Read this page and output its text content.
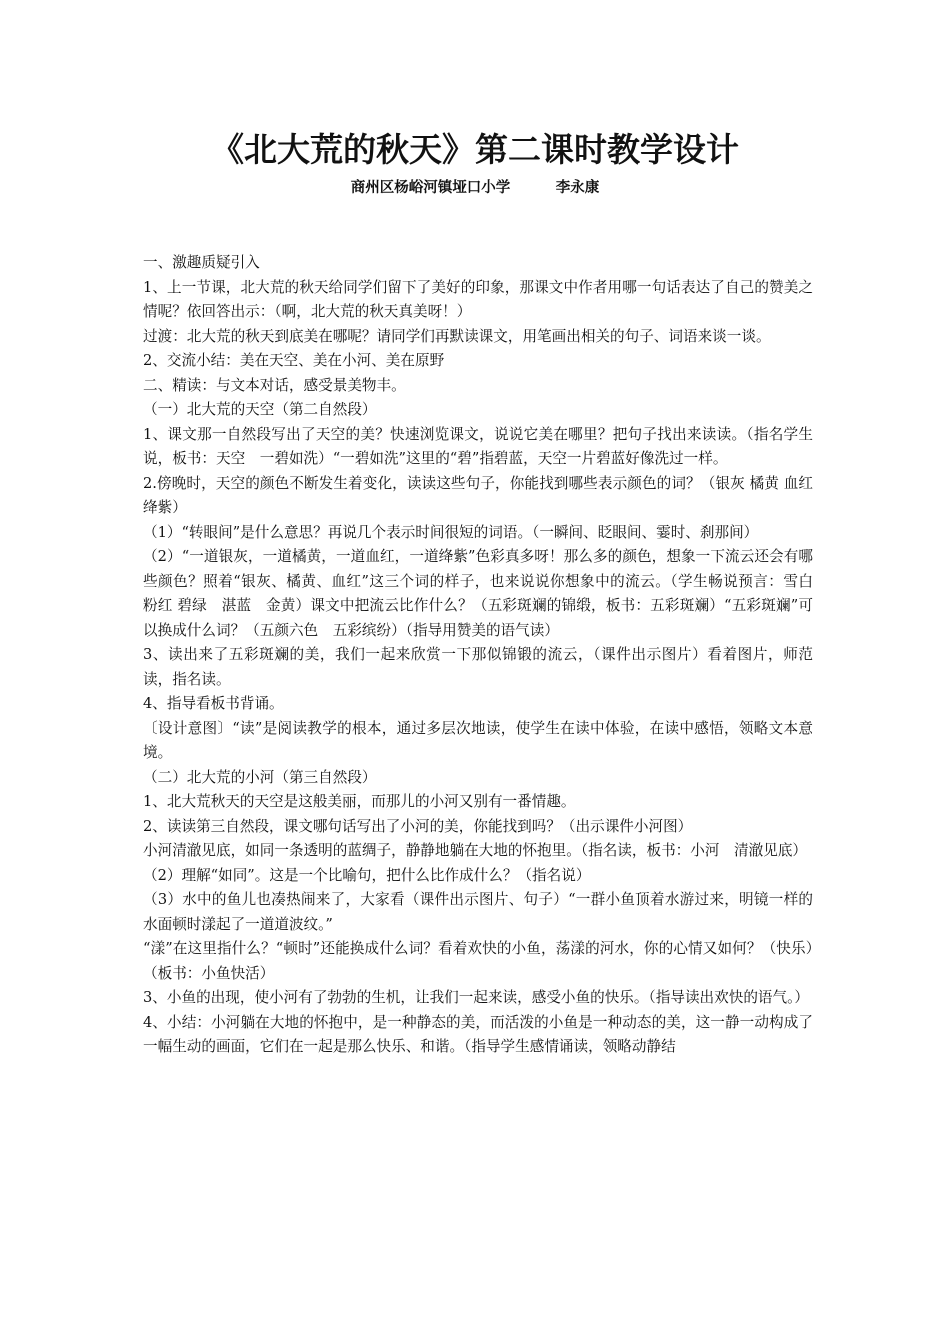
《北大荒的秋天》第二课时教学设计
商州区杨峪河镇垭口小学         李永康

一、激趣质疑引入

1、上一节课，北大荒的秋天给同学们留下了美好的印象，那课文中作者用哪一句话表达了自己的赞美之情呢？依回答出示：（啊，北大荒的秋天真美呀！）

过渡：北大荒的秋天到底美在哪呢？请同学们再默读课文，用笔画出相关的句子、词语来谈一谈。

2、交流小结：美在天空、美在小河、美在原野

二、精读：与文本对话，感受景美物丰。

（一）北大荒的天空（第二自然段）

1、课文那一自然段写出了天空的美？快速浏览课文，说说它美在哪里？把句子找出来读读。（指名学生说，板书：天空　一碧如洗）“一碧如洗”这里的“碧”指碧蓝，天空一片碧蓝好像洗过一样。

2.傍晚时，天空的颜色不断发生着变化，读读这些句子，你能找到哪些表示颜色的词？（银灰 橘黄 血红 绛紫）

（1）“转眼间”是什么意思？再说几个表示时间很短的词语。（一瞬间、眨眼间、霎时、刹那间）

（2）“一道银灰，一道橘黄，一道血红，一道绛紫”色彩真多呀！那么多的颜色，想象一下流云还会有哪些颜色？照着“银灰、橘黄、血红”这三个词的样子，也来说说你想象中的流云。（学生畅说预言：雪白　粉红 碧绿　湛蓝　金黄）课文中把流云比作什么？（五彩斑斓的锦缎，板书：五彩斑斓）“五彩斑斓”可以换成什么词？（五颜六色　五彩缤纷）（指导用赞美的语气读）

3、读出来了五彩斑斓的美，我们一起来欣赏一下那似锦锻的流云，（课件出示图片）看着图片，师范读，指名读。

4、指导看板书背诵。

〔设计意图〕“读”是阅读教学的根本，通过多层次地读，使学生在读中体验，在读中感悟，领略文本意境。

（二）北大荒的小河（第三自然段）

1、北大荒秋天的天空是这般美丽，而那儿的小河又别有一番情趣。

2、读读第三自然段，课文哪句话写出了小河的美，你能找到吗？（出示课件小河图）

小河清澈见底，如同一条透明的蓝绸子，静静地躺在大地的怀抱里。（指名读，板书：小河　清澈见底）

（2）理解“如同”。这是一个比喻句，把什么比作成什么？（指名说）

（3）水中的鱼儿也凑热闹来了，大家看（课件出示图片、句子）“一群小鱼顶着水游过来，明镜一样的水面顿时漾起了一道道波纹。”

“漾”在这里指什么？“顿时”还能换成什么词？看着欢快的小鱼，荡漾的河水，你的心情又如何？（快乐）（板书：小鱼快活）

3、小鱼的出现，使小河有了勃勃的生机，让我们一起来读，感受小鱼的快乐。（指导读出欢快的语气。）

4、小结：小河躺在大地的怀抱中，是一种静态的美，而活泼的小鱼是一种动态的美，这一静一动构成了一幅生动的画面，它们在一起是那么快乐、和谐。（指导学生感情诵读，领略动静结
